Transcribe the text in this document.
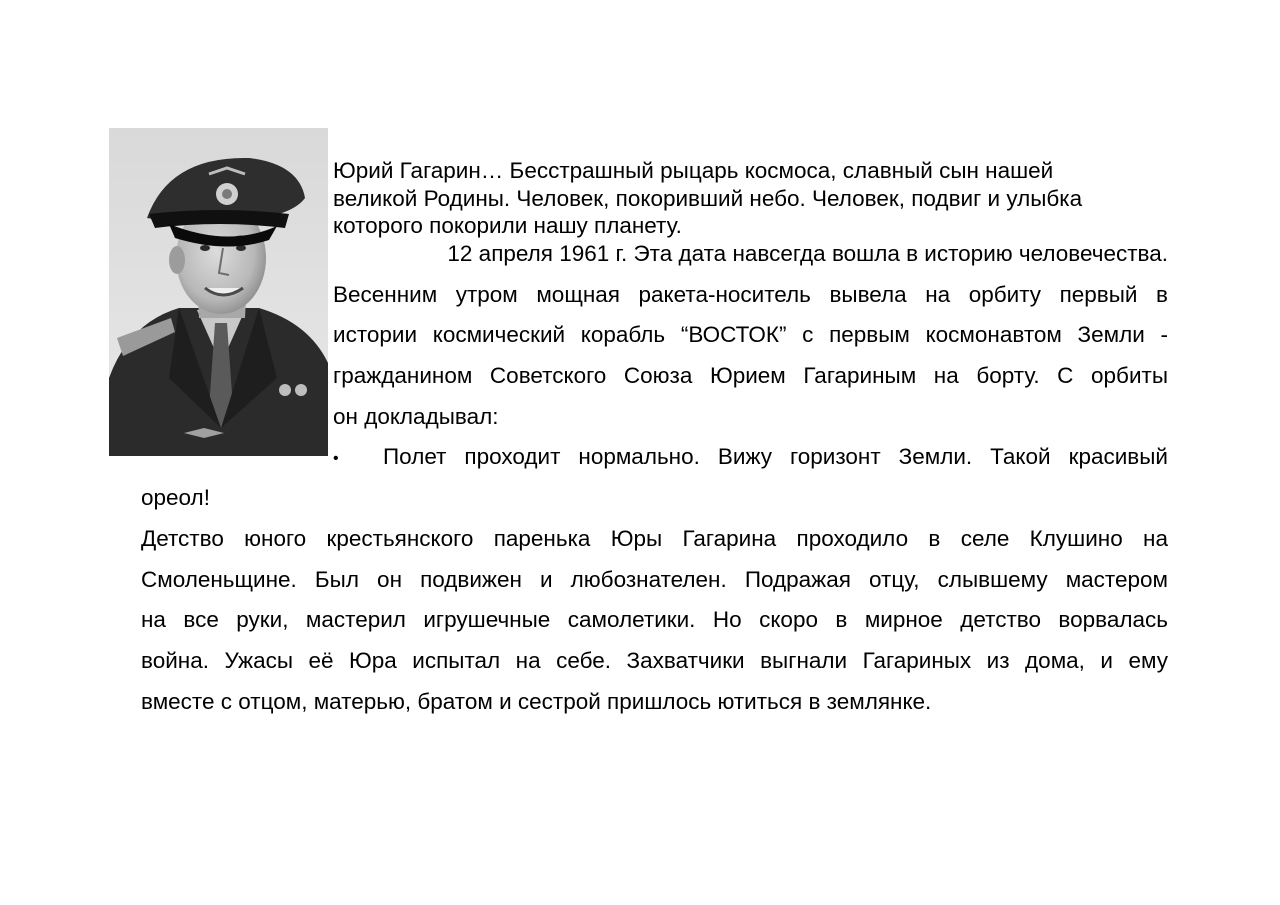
Юрий Гагарин… Бесстрашный рыцарь космоса, славный сын нашей
великой Родины. Человек, покоривший небо. Человек, подвиг и улыбка
которого покорили нашу планету.
12 апреля 1961 г. Эта дата навсегда вошла в историю человечества.
Весенним утром мощная ракета-носитель вывела на орбиту первый в
истории космический корабль “ВОСТОК” с первым космонавтом Земли -
гражданином Советского Союза Юрием Гагариным на борту. С орбиты
он докладывал:
• Полет проходит нормально. Вижу горизонт Земли. Такой красивый
ореол!
Детство юного крестьянского паренька Юры Гагарина проходило в селе Клушино на
Смоленьщине. Был он подвижен и любознателен. Подражая отцу, слывшему мастером
на все руки, мастерил игрушечные самолетики. Но скоро в мирное детство ворвалась
война. Ужасы её Юра испытал на себе. Захватчики выгнали Гагариных из дома, и ему
вместе с отцом, матерью, братом и сестрой пришлось ютиться в землянке.
